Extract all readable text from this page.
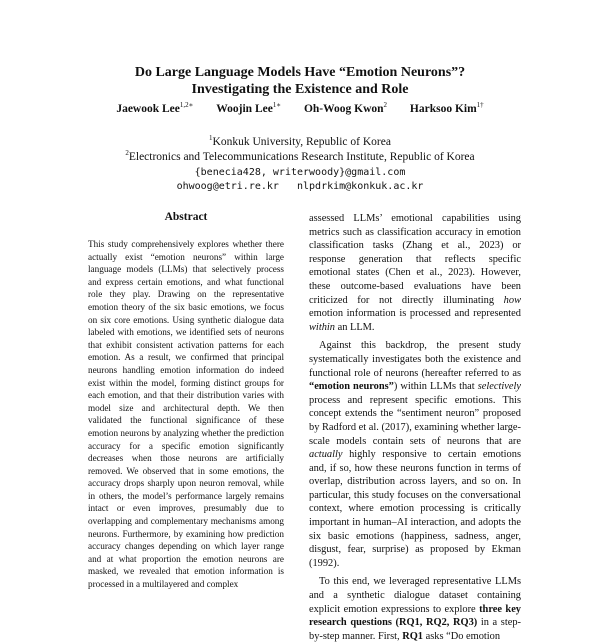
Do Large Language Models Have “Emotion Neurons”?
Investigating the Existence and Role
Jaewook Lee$^{1,2∗}$ Woojin Lee$^{1∗}$ Oh-Woog Kwon$^2$ Harksoo Kim$^{1\dagger}$
$^1$Konkuk University, Republic of Korea
$^2$Electronics and Telecommunications Research Institute, Republic of Korea
{benecia428, writerwoody}@gmail.com
ohwoog@etri.re.kr   nlpdrkim@konkuk.ac.kr
Abstract

This study comprehensively explores whether there actually exist “emotion neurons” within large language models (LLMs) that selectively process and express certain emotions, and what functional role they play. Drawing on the representative emotion theory of the six basic emotions, we focus on six core emotions. Using synthetic dialogue data labeled with emotions, we identified sets of neurons that exhibit consistent activation patterns for each emotion. As a result, we confirmed that principal neurons handling emotion information do indeed exist within the model, forming distinct groups for each emotion, and that their distribution varies with model size and architectural depth. We then validated the functional significance of these emotion neurons by analyzing whether the prediction accuracy for a specific emotion significantly decreases when those neurons are artificially removed. We observed that in some emotions, the accuracy drops sharply upon neuron removal, while in others, the model’s performance largely remains intact or even improves, presumably due to overlapping and complementary mechanisms among neurons. Furthermore, by examining how prediction accuracy changes depending on which layer range and at what proportion the emotion neurons are masked, we revealed that emotion information is processed in a multilayered and complex

assessed LLMs’ emotional capabilities using metrics such as classification accuracy in emotion classification tasks (Zhang et al., 2023) or response generation that reflects specific emotional states (Chen et al., 2023). However, these outcome-based evaluations have been criticized for not directly illuminating how emotion information is processed and represented within an LLM.

Against this backdrop, the present study systematically investigates both the existence and functional role of neurons (hereafter referred to as “emotion neurons”) within LLMs that selectively process and represent specific emotions. This concept extends the “sentiment neuron” proposed by Radford et al. (2017), examining whether large-scale models contain sets of neurons that are actually highly responsive to certain emotions and, if so, how these neurons function in terms of overlap, distribution across layers, and so on. In particular, this study focuses on the conversational context, where emotion processing is critically important in human–AI interaction, and adopts the six basic emotions (happiness, sadness, anger, disgust, fear, surprise) as proposed by Ekman (1992).

To this end, we leveraged representative LLMs and a synthetic dialogue dataset containing explicit emotion expressions to explore three key research questions (RQ1, RQ2, RQ3) in a step-by-step manner. First, RQ1 asks “Do emotion
